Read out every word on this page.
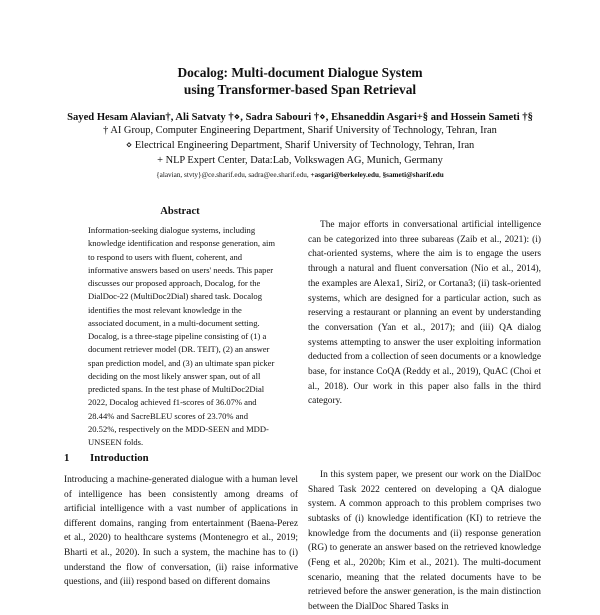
Docalog: Multi-document Dialogue System
using Transformer-based Span Retrieval
Sayed Hesam Alavian†, Ali Satvaty †⋄, Sadra Sabouri †⋄, Ehsaneddin Asgari+§ and Hossein Sameti †§
† AI Group, Computer Engineering Department, Sharif University of Technology, Tehran, Iran
⋄ Electrical Engineering Department, Sharif University of Technology, Tehran, Iran
+ NLP Expert Center, Data:Lab, Volkswagen AG, Munich, Germany
{alavian, stvty}@ce.sharif.edu, sadra@ee.sharif.edu, +asgari@berkeley.edu, §sameti@sharif.edu
Abstract
Information-seeking dialogue systems, including knowledge identification and response generation, aim to respond to users with fluent, coherent, and informative answers based on users' needs. This paper discusses our proposed approach, Docalog, for the DialDoc-22 (MultiDoc2Dial) shared task. Docalog identifies the most relevant knowledge in the associated document, in a multi-document setting. Docalog, is a three-stage pipeline consisting of (1) a document retriever model (DR. TEIT), (2) an answer span prediction model, and (3) an ultimate span picker deciding on the most likely answer span, out of all predicted spans. In the test phase of MultiDoc2Dial 2022, Docalog achieved f1-scores of 36.07% and 28.44% and SacreBLEU scores of 23.70% and 20.52%, respectively on the MDD-SEEN and MDD-UNSEEN folds.
1 Introduction
Introducing a machine-generated dialogue with a human level of intelligence has been consistently among dreams of artificial intelligence with a vast number of applications in different domains, ranging from entertainment (Baena-Perez et al., 2020) to healthcare systems (Montenegro et al., 2019; Bharti et al., 2020). In such a system, the machine has to (i) understand the flow of conversation, (ii) raise informative questions, and (iii) respond based on different domains

The major efforts in conversational artificial intelligence can be categorized into three subareas (Zaib et al., 2021): (i) chat-oriented systems, where the aim is to engage the users through a natural and fluent conversation (Nio et al., 2014), the examples are Alexa1, Siri2, or Cortana3; (ii) task-oriented systems, which are designed for a particular action, such as reserving a restaurant or planning an event by understanding the conversation (Yan et al., 2017); and (iii) QA dialog systems attempting to answer the user exploiting information deducted from a collection of seen documents or a knowledge base, for instance CoQA (Reddy et al., 2019), QuAC (Choi et al., 2018). Our work in this paper also falls in the third category.

In this system paper, we present our work on the DialDoc Shared Task 2022 centered on developing a QA dialogue system. A common approach to this problem comprises two subtasks of (i) knowledge identification (KI) to retrieve the knowledge from the documents and (ii) response generation (RG) to generate an answer based on the retrieved knowledge (Feng et al., 2020b; Kim et al., 2021). The multi-document scenario, meaning that the related documents have to be retrieved before the answer generation, is the main distinction between the DialDoc Shared Tasks in
